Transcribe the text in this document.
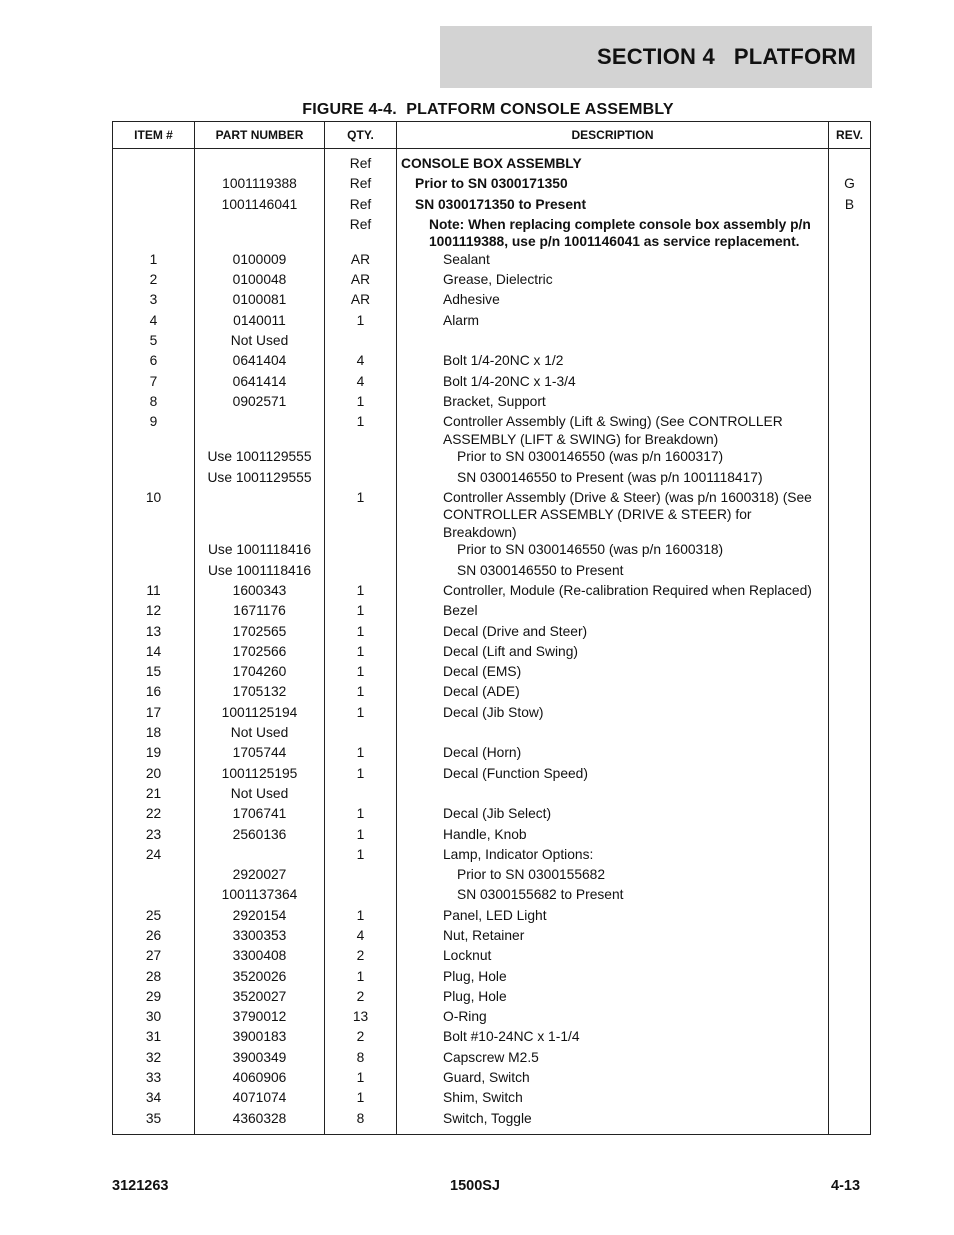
SECTION 4   PLATFORM
FIGURE 4-4.  PLATFORM CONSOLE ASSEMBLY
ITEM #	PART NUMBER	QTY.	DESCRIPTION	REV.
		Ref	CONSOLE BOX ASSEMBLY	

	1001119388	Ref	Prior to SN 0300171350	G
	1001146041	Ref	SN 0300171350 to Present	B
		Ref	Note: When replacing complete console box assembly p/n 1001119388, use p/n 1001146041 as service replacement.	

1	0100009	AR	Sealant	

2	0100048	AR	Grease, Dielectric	

3	0100081	AR	Adhesive	

4	0140011	1	Alarm	

5	Not Used		

6	0641404	4	Bolt 1/4-20NC x 1/2	

7	0641414	4	Bolt 1/4-20NC x 1-3/4	

8	0902571	1	Bracket, Support	

9		1	Controller Assembly (Lift & Swing) (See CONTROLLER ASSEMBLY (LIFT & SWING) for Breakdown)	

	Use 1001129555		Prior to SN 0300146550 (was p/n 1600317)	

	Use 1001129555		SN 0300146550 to Present (was p/n 1001118417)	

10		1	Controller Assembly (Drive & Steer) (was p/n 1600318) (See CONTROLLER ASSEMBLY (DRIVE & STEER) for Breakdown)	

	Use 1001118416		Prior to SN 0300146550 (was p/n 1600318)	

	Use 1001118416		SN 0300146550 to Present	

11	1600343	1	Controller, Module (Re-calibration Required when Replaced)	

12	1671176	1	Bezel	

13	1702565	1	Decal (Drive and Steer)	

14	1702566	1	Decal (Lift and Swing)	

15	1704260	1	Decal (EMS)	

16	1705132	1	Decal (ADE)	

17	1001125194	1	Decal (Jib Stow)	

18	Not Used		

19	1705744	1	Decal (Horn)	

20	1001125195	1	Decal (Function Speed)	

21	Not Used		

22	1706741	1	Decal (Jib Select)	

23	2560136	1	Handle, Knob	

24		1	Lamp, Indicator Options:	

	2920027		Prior to SN 0300155682	

	1001137364		SN 0300155682 to Present	

25	2920154	1	Panel, LED Light	

26	3300353	4	Nut, Retainer	

27	3300408	2	Locknut	

28	3520026	1	Plug, Hole	

29	3520027	2	Plug, Hole	

30	3790012	13	O-Ring	

31	3900183	2	Bolt #10-24NC x 1-1/4	

32	3900349	8	Capscrew M2.5	

33	4060906	1	Guard, Switch	

34	4071074	1	Shim, Switch	

35	4360328	8	Switch, Toggle	

3121263	1500SJ	4-13
